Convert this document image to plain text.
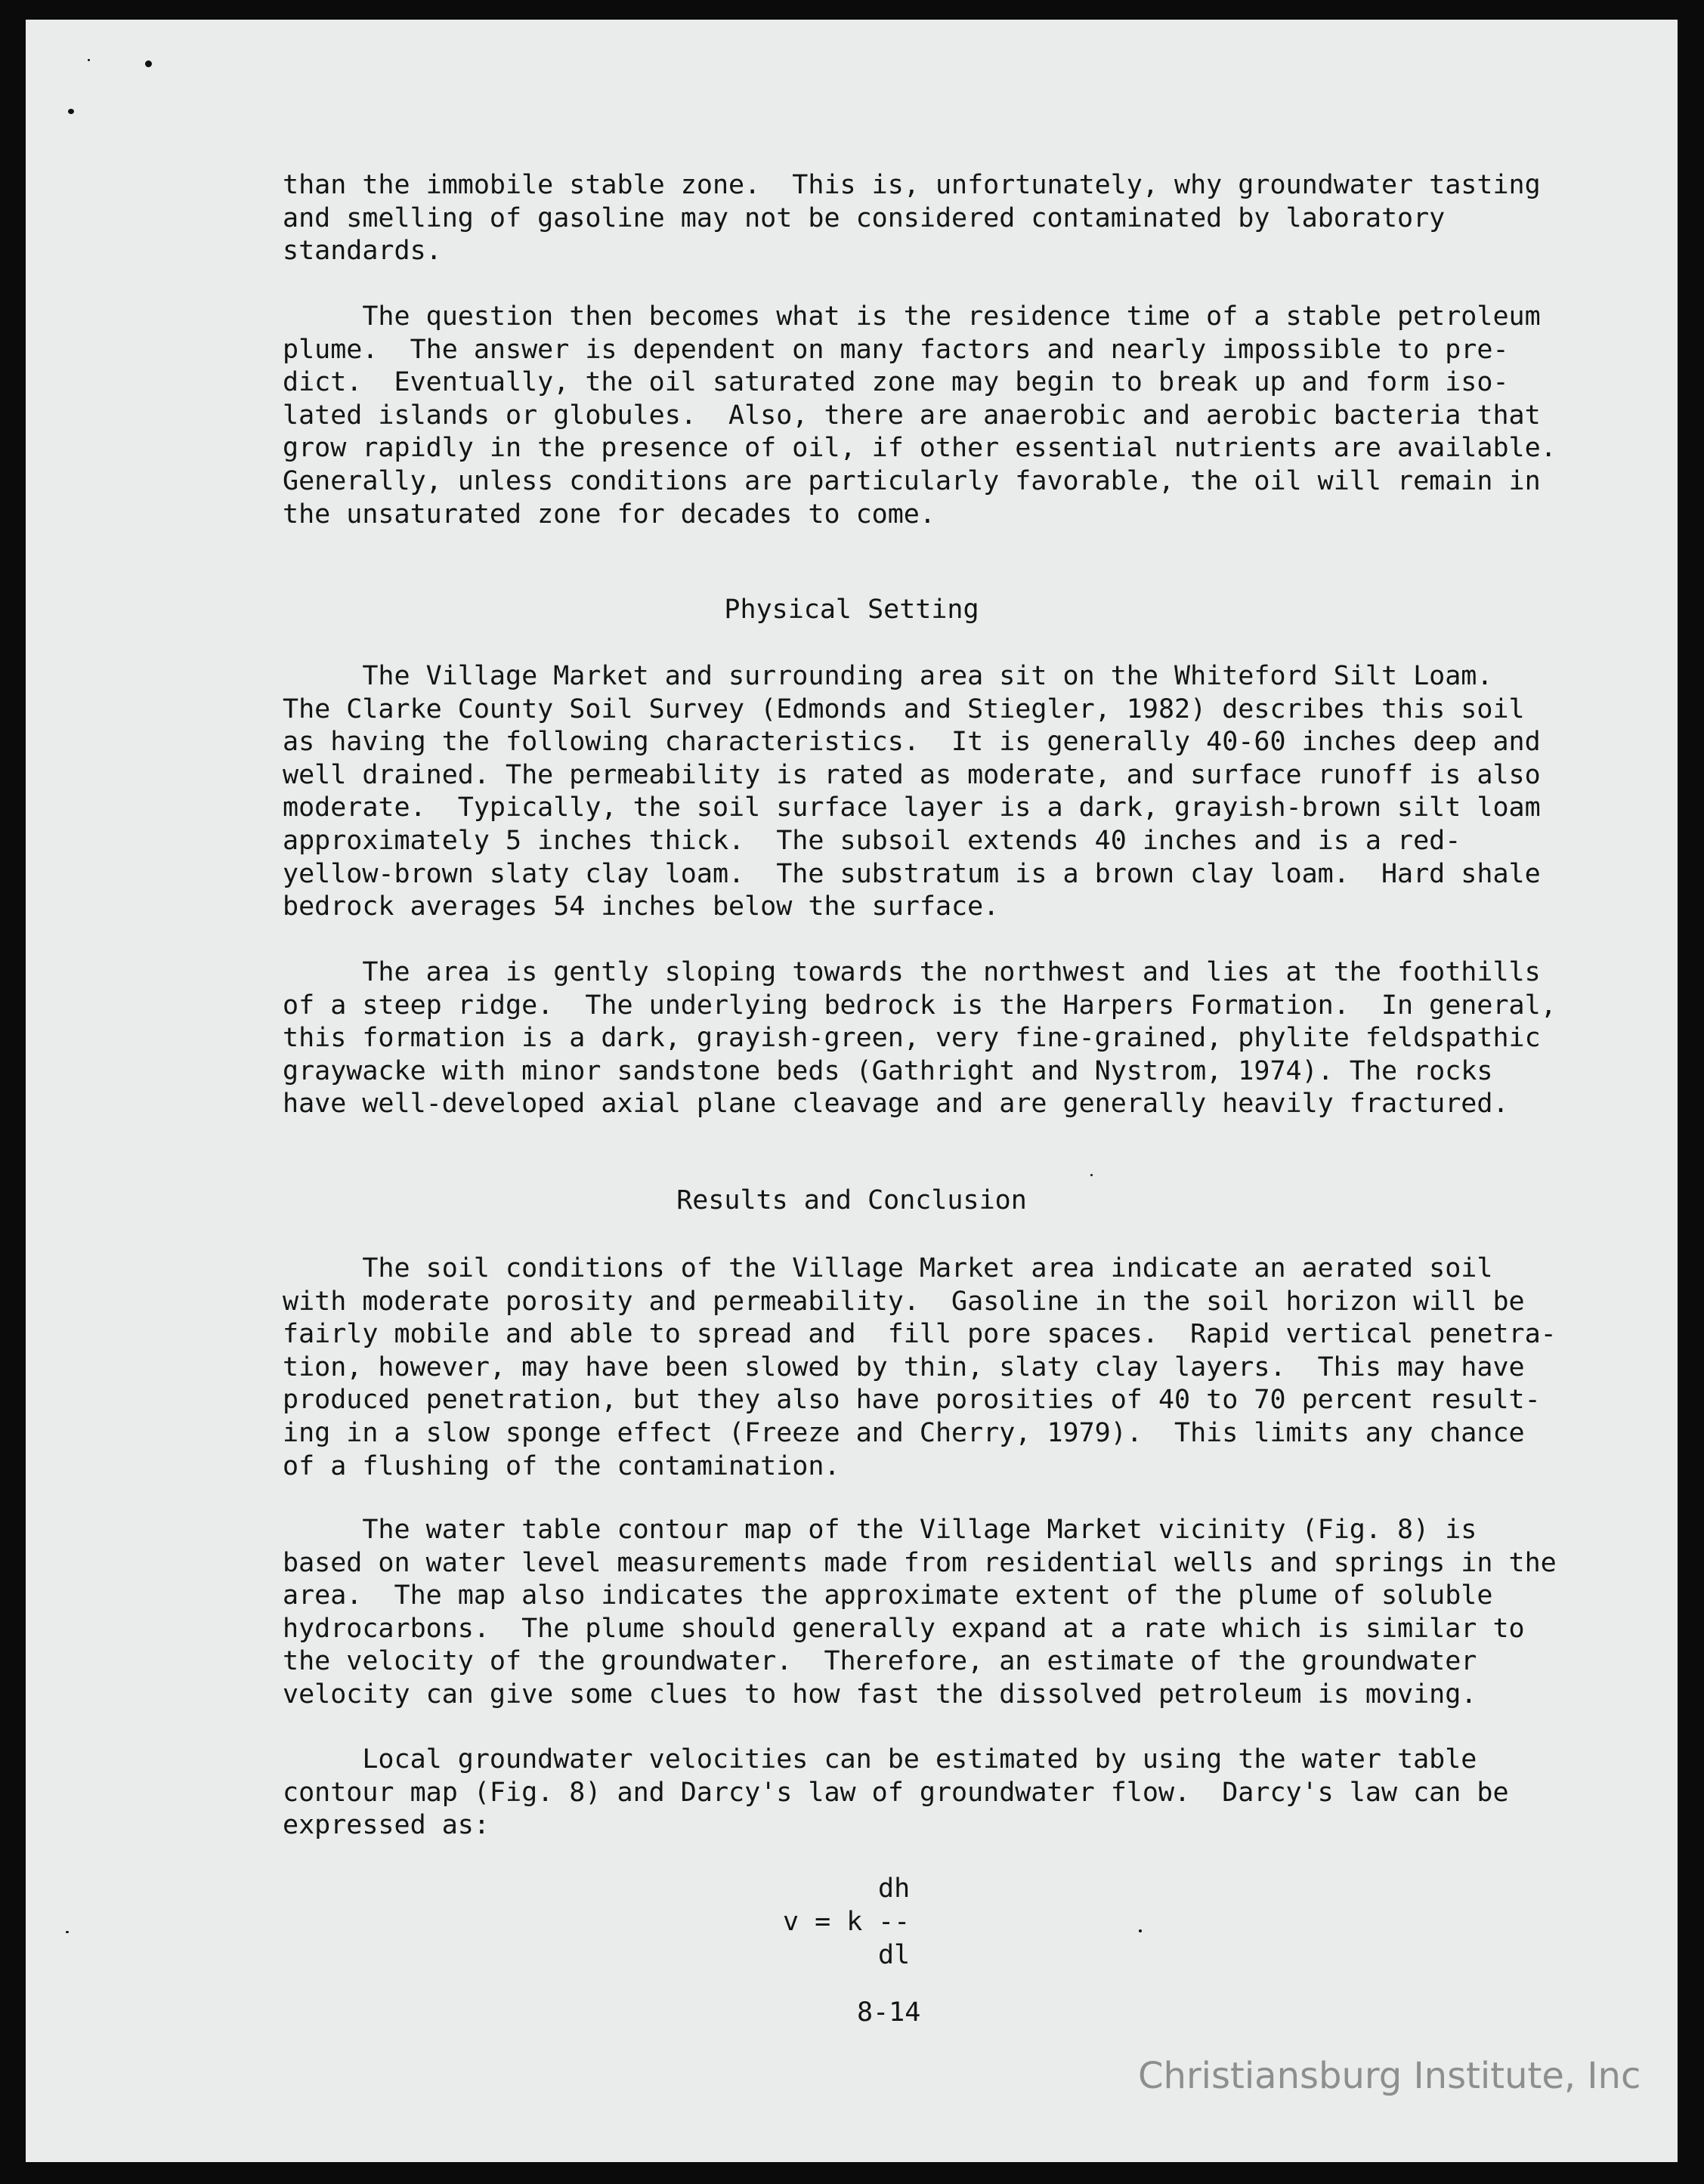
than the immobile stable zone.  This is, unfortunately, why groundwater tasting
and smelling of gasoline may not be considered contaminated by laboratory
standards.
The question then becomes what is the residence time of a stable petroleum
plume.  The answer is dependent on many factors and nearly impossible to pre-
dict.  Eventually, the oil saturated zone may begin to break up and form iso-
lated islands or globules.  Also, there are anaerobic and aerobic bacteria that
grow rapidly in the presence of oil, if other essential nutrients are available.
Generally, unless conditions are particularly favorable, the oil will remain in
the unsaturated zone for decades to come.
Physical Setting
The Village Market and surrounding area sit on the Whiteford Silt Loam.
The Clarke County Soil Survey (Edmonds and Stiegler, 1982) describes this soil
as having the following characteristics.  It is generally 40-60 inches deep and
well drained. The permeability is rated as moderate, and surface runoff is also
moderate.  Typically, the soil surface layer is a dark, grayish-brown silt loam
approximately 5 inches thick.  The subsoil extends 40 inches and is a red-
yellow-brown slaty clay loam.  The substratum is a brown clay loam.  Hard shale
bedrock averages 54 inches below the surface.
The area is gently sloping towards the northwest and lies at the foothills
of a steep ridge.  The underlying bedrock is the Harpers Formation.  In general,
this formation is a dark, grayish-green, very fine-grained, phylite feldspathic
graywacke with minor sandstone beds (Gathright and Nystrom, 1974). The rocks
have well-developed axial plane cleavage and are generally heavily fractured.
Results and Conclusion
The soil conditions of the Village Market area indicate an aerated soil
with moderate porosity and permeability.  Gasoline in the soil horizon will be
fairly mobile and able to spread and  fill pore spaces.  Rapid vertical penetra-
tion, however, may have been slowed by thin, slaty clay layers.  This may have
produced penetration, but they also have porosities of 40 to 70 percent result-
ing in a slow sponge effect (Freeze and Cherry, 1979).  This limits any chance
of a flushing of the contamination.
The water table contour map of the Village Market vicinity (Fig. 8) is
based on water level measurements made from residential wells and springs in the
area.  The map also indicates the approximate extent of the plume of soluble
hydrocarbons.  The plume should generally expand at a rate which is similar to
the velocity of the groundwater.  Therefore, an estimate of the groundwater
velocity can give some clues to how fast the dissolved petroleum is moving.
Local groundwater velocities can be estimated by using the water table
contour map (Fig. 8) and Darcy's law of groundwater flow.  Darcy's law can be
expressed as:
dh
v = k --
dl
8-14
Christiansburg Institute, Inc
